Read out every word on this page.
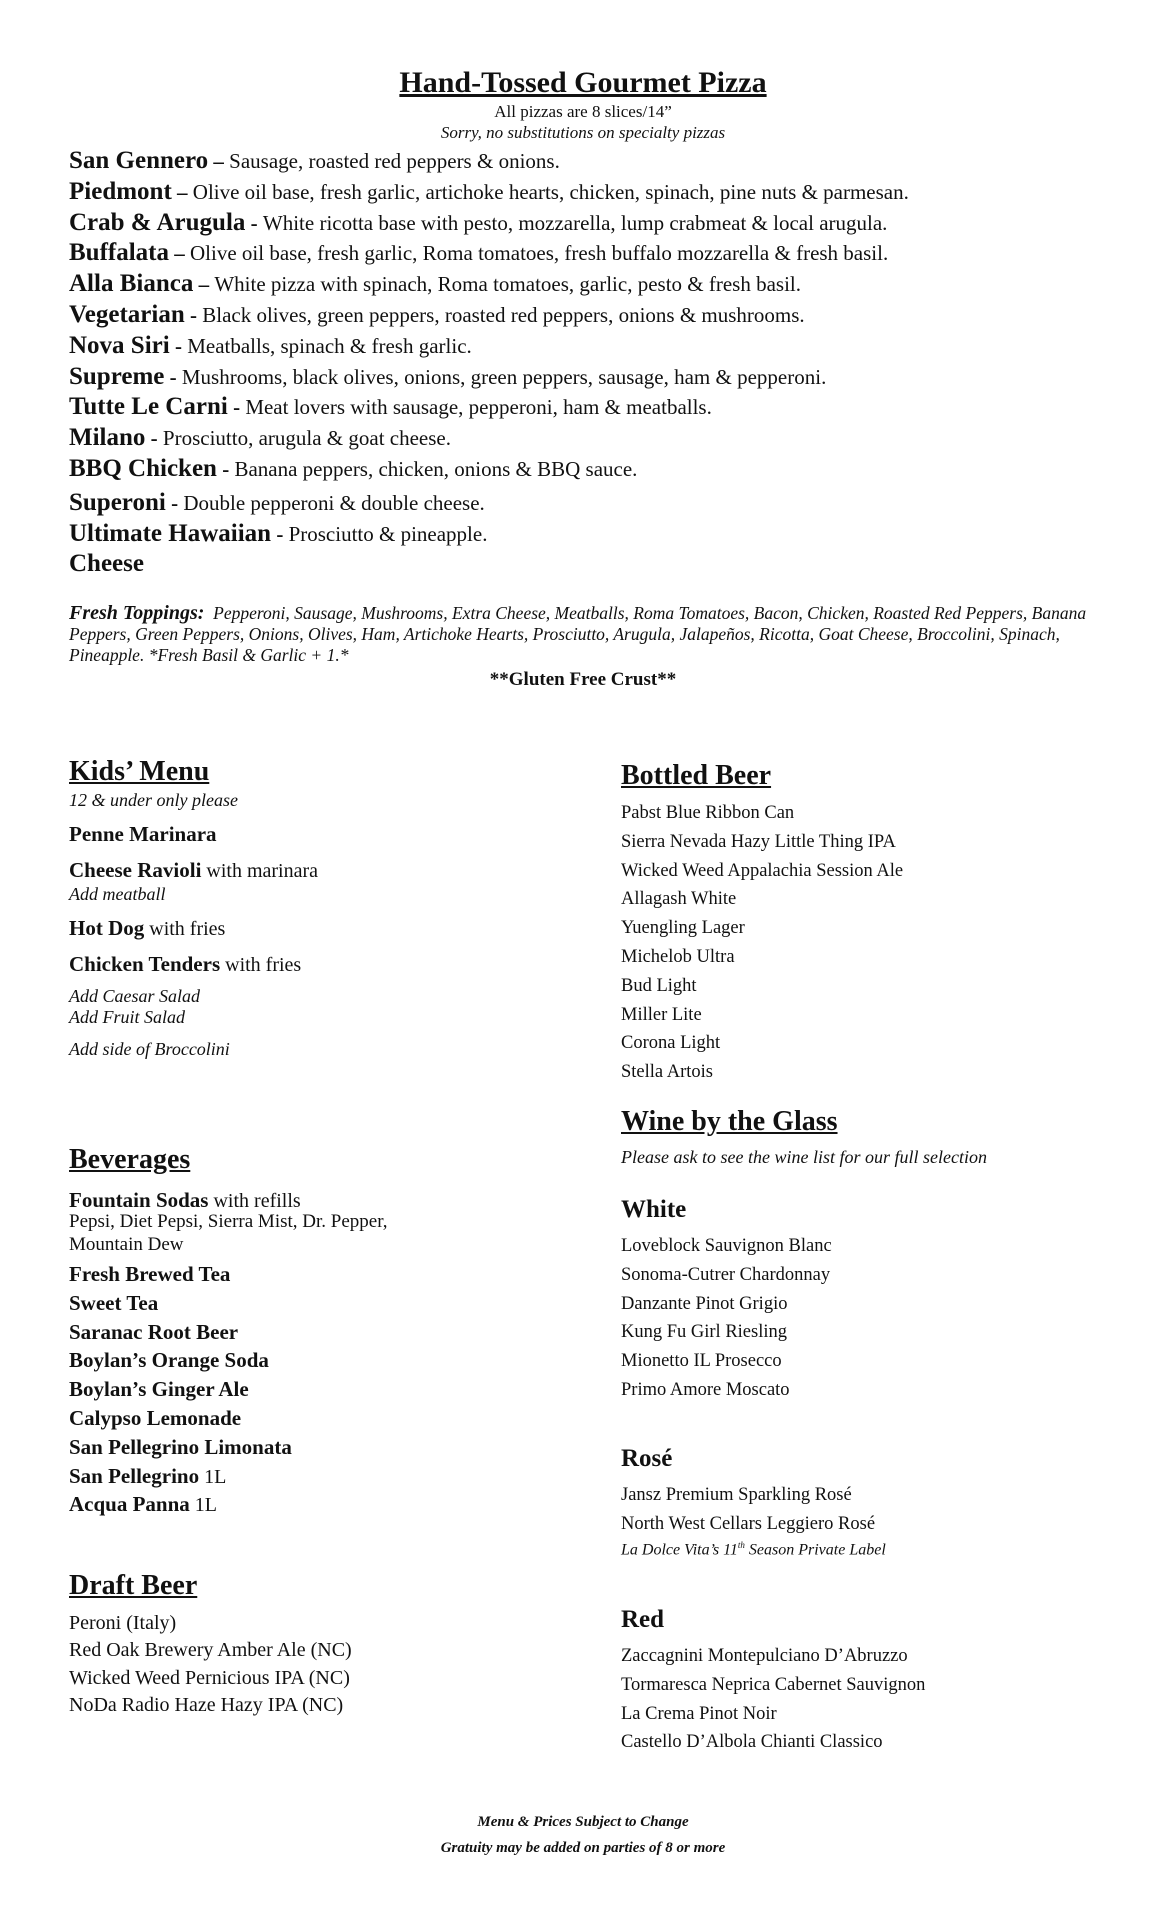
Hand-Tossed Gourmet Pizza
All pizzas are 8 slices/14”
Sorry, no substitutions on specialty pizzas
San Gennero – Sausage, roasted red peppers & onions.
Piedmont – Olive oil base, fresh garlic, artichoke hearts, chicken, spinach, pine nuts & parmesan.
Crab & Arugula - White ricotta base with pesto, mozzarella, lump crabmeat & local arugula.
Buffalata – Olive oil base, fresh garlic, Roma tomatoes, fresh buffalo mozzarella & fresh basil.
Alla Bianca – White pizza with spinach, Roma tomatoes, garlic, pesto & fresh basil.
Vegetarian - Black olives, green peppers, roasted red peppers, onions & mushrooms.
Nova Siri - Meatballs, spinach & fresh garlic.
Supreme - Mushrooms, black olives, onions, green peppers, sausage, ham & pepperoni.
Tutte Le Carni - Meat lovers with sausage, pepperoni, ham & meatballs.
Milano - Prosciutto, arugula & goat cheese.
BBQ Chicken - Banana peppers, chicken, onions & BBQ sauce.
Superoni - Double pepperoni & double cheese.
Ultimate Hawaiian - Prosciutto & pineapple.
Cheese
Fresh Toppings: Pepperoni, Sausage, Mushrooms, Extra Cheese, Meatballs, Roma Tomatoes, Bacon, Chicken, Roasted Red Peppers, Banana Peppers, Green Peppers, Onions, Olives, Ham, Artichoke Hearts, Prosciutto, Arugula, Jalapeños, Ricotta, Goat Cheese, Broccolini, Spinach, Pineapple. *Fresh Basil & Garlic + 1.*
**Gluten Free Crust**
Kids’ Menu
12 & under only please
Penne Marinara
Cheese Ravioli with marinara
Add meatball
Hot Dog with fries
Chicken Tenders with fries
Add Caesar Salad
Add Fruit Salad
Add side of Broccolini
Beverages
Fountain Sodas with refills
Pepsi, Diet Pepsi, Sierra Mist, Dr. Pepper,
Mountain Dew
Fresh Brewed Tea
Sweet Tea
Saranac Root Beer
Boylan’s Orange Soda
Boylan’s Ginger Ale
Calypso Lemonade
San Pellegrino Limonata
San Pellegrino 1L
Acqua Panna 1L
Draft Beer
Peroni (Italy)
Red Oak Brewery Amber Ale (NC)
Wicked Weed Pernicious IPA (NC)
NoDa Radio Haze Hazy IPA (NC)
Bottled Beer
Pabst Blue Ribbon Can
Sierra Nevada Hazy Little Thing IPA
Wicked Weed Appalachia Session Ale
Allagash White
Yuengling Lager
Michelob Ultra
Bud Light
Miller Lite
Corona Light
Stella Artois
Wine by the Glass
Please ask to see the wine list for our full selection
White
Loveblock Sauvignon Blanc
Sonoma-Cutrer Chardonnay
Danzante Pinot Grigio
Kung Fu Girl Riesling
Mionetto IL Prosecco
Primo Amore Moscato
Rosé
Jansz Premium Sparkling Rosé
North West Cellars Leggiero Rosé
La Dolce Vita’s 11th Season Private Label
Red
Zaccagnini Montepulciano D’Abruzzo
Tormaresca Neprica Cabernet Sauvignon
La Crema Pinot Noir
Castello D’Albola Chianti Classico
Menu & Prices Subject to Change
Gratuity may be added on parties of 8 or more
